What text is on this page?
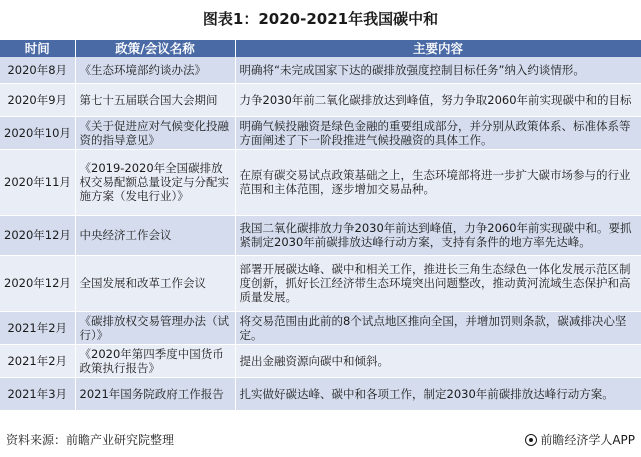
图表1：2020-2021年我国碳中和
时间	政策/会议名称	主要内容
2020年8月	《生态环境部约谈办法》	明确将“未完成国家下达的碳排放强度控制目标任务”纳入约谈情形。
2020年9月	第七十五届联合国大会期间	力争2030年前二氧化碳排放达到峰值，努力争取2060年前实现碳中和的目标
2020年10月	《关于促进应对气候变化投融资的指导意见》	明确气候投融资是绿色金融的重要组成部分，并分别从政策体系、标准体系等方面阐述了下一阶段推进气候投融资的具体工作。
2020年11月	《2019-2020年全国碳排放权交易配额总量设定与分配实施方案（发电行业）》	在原有碳交易试点政策基础之上，生态环境部将进一步扩大碳市场参与的行业范围和主体范围，逐步增加交易品种。
2020年12月	中央经济工作会议	我国二氧化碳排放力争2030年前达到峰值，力争2060年前实现碳中和。要抓紧制定2030年前碳排放达峰行动方案，支持有条件的地方率先达峰。
2020年12月	全国发展和改革工作会议	部署开展碳达峰、碳中和相关工作，推进长三角生态绿色一体化发展示范区制度创新，抓好长江经济带生态环境突出问题整改，推动黄河流域生态保护和高质量发展。
2021年2月	《碳排放权交易管理办法（试行）》	将交易范围由此前的8个试点地区推向全国，并增加罚则条款，碳减排决心坚定。
2021年2月	《2020年第四季度中国货币政策执行报告》	提出金融资源向碳中和倾斜。
2021年3月	2021年国务院政府工作报告	扎实做好碳达峰、碳中和各项工作，制定2030年前碳排放达峰行动方案。
资料来源：前瞻产业研究院整理	前瞻经济学人APP
